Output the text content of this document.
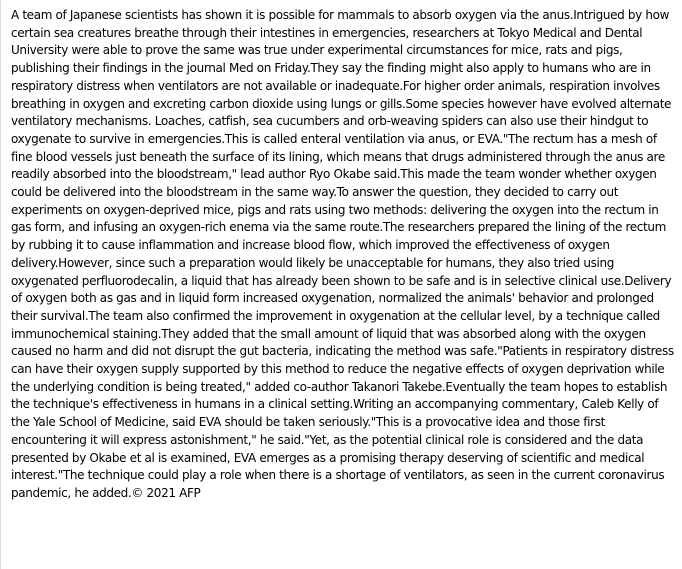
A team of Japanese scientists has shown it is possible for mammals to absorb oxygen via the anus.Intrigued by how certain sea creatures breathe through their intestines in emergencies, researchers at Tokyo Medical and Dental University were able to prove the same was true under experimental circumstances for mice, rats and pigs, publishing their findings in the journal Med on Friday.They say the finding might also apply to humans who are in respiratory distress when ventilators are not available or inadequate.For higher order animals, respiration involves breathing in oxygen and excreting carbon dioxide using lungs or gills.Some species however have evolved alternate ventilatory mechanisms. Loaches, catfish, sea cucumbers and orb-weaving spiders can also use their hindgut to oxygenate to survive in emergencies.This is called enteral ventilation via anus, or EVA."The rectum has a mesh of fine blood vessels just beneath the surface of its lining, which means that drugs administered through the anus are readily absorbed into the bloodstream," lead author Ryo Okabe said.This made the team wonder whether oxygen could be delivered into the bloodstream in the same way.To answer the question, they decided to carry out experiments on oxygen-deprived mice, pigs and rats using two methods: delivering the oxygen into the rectum in gas form, and infusing an oxygen-rich enema via the same route.The researchers prepared the lining of the rectum by rubbing it to cause inflammation and increase blood flow, which improved the effectiveness of oxygen delivery.However, since such a preparation would likely be unacceptable for humans, they also tried using oxygenated perfluorodecalin, a liquid that has already been shown to be safe and is in selective clinical use.Delivery of oxygen both as gas and in liquid form increased oxygenation, normalized the animals' behavior and prolonged their survival.The team also confirmed the improvement in oxygenation at the cellular level, by a technique called immunochemical staining.They added that the small amount of liquid that was absorbed along with the oxygen caused no harm and did not disrupt the gut bacteria, indicating the method was safe."Patients in respiratory distress can have their oxygen supply supported by this method to reduce the negative effects of oxygen deprivation while the underlying condition is being treated," added co-author Takanori Takebe.Eventually the team hopes to establish the technique's effectiveness in humans in a clinical setting.Writing an accompanying commentary, Caleb Kelly of the Yale School of Medicine, said EVA should be taken seriously."This is a provocative idea and those first encountering it will express astonishment," he said."Yet, as the potential clinical role is considered and the data presented by Okabe et al is examined, EVA emerges as a promising therapy deserving of scientific and medical interest."The technique could play a role when there is a shortage of ventilators, as seen in the current coronavirus pandemic, he added.© 2021 AFP
